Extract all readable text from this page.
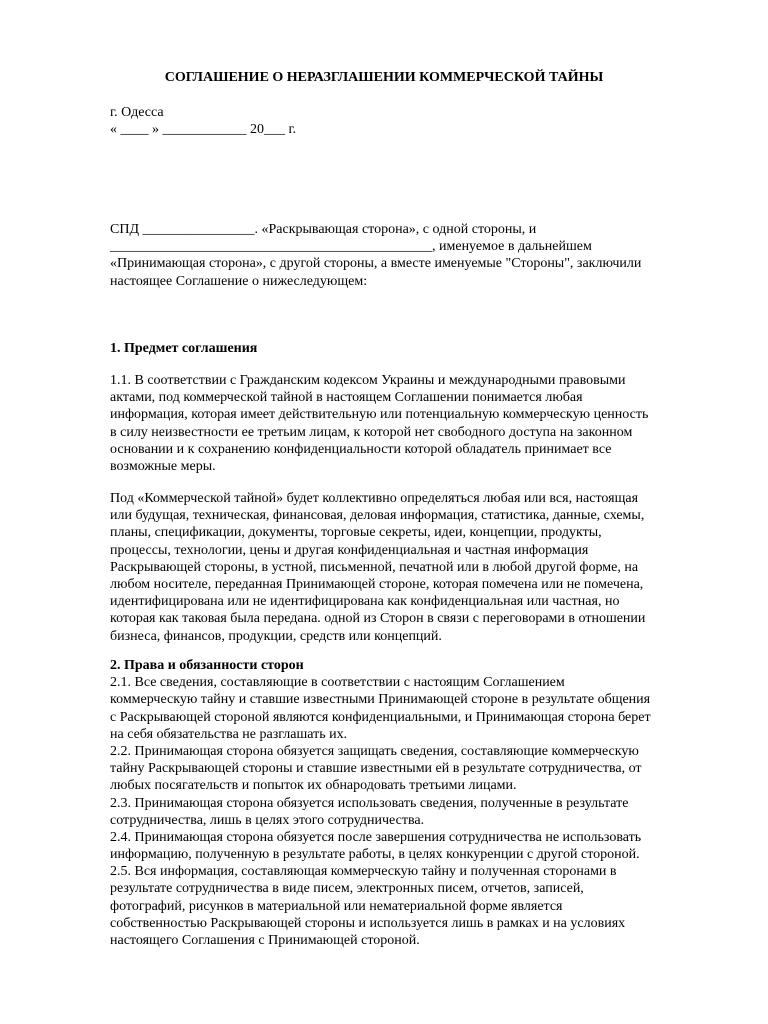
СОГЛАШЕНИЕ О НЕРАЗГЛАШЕНИИ КОММЕРЧЕСКОЙ ТАЙНЫ
г. Одесса
« ____ » ____________ 20___ г.
СПД ________________. «Раскрывающая сторона», с одной стороны, и
______________________________________________, именуемое в дальнейшем
«Принимающая сторона», с другой стороны, а вместе именуемые "Стороны", заключили
настоящее Соглашение о нижеследующем:
1. Предмет соглашения
1.1. В соответствии с Гражданским кодексом Украины и международными правовыми
актами, под коммерческой тайной в настоящем Соглашении понимается любая
информация, которая имеет действительную или потенциальную коммерческую ценность
в силу неизвестности ее третьим лицам, к которой нет свободного доступа на законном
основании и к сохранению конфиденциальности которой обладатель принимает все
возможные меры.
Под «Коммерческой тайной» будет коллективно определяться любая или вся, настоящая
или будущая, техническая, финансовая, деловая информация, статистика, данные, схемы,
планы, спецификации, документы, торговые секреты, идеи, концепции, продукты,
процессы, технологии, цены и другая конфиденциальная и частная информация
Раскрывающей стороны, в устной, письменной, печатной или в любой другой форме, на
любом носителе, переданная Принимающей стороне, которая помечена или не помечена,
идентифицирована или не идентифицирована как конфиденциальная или частная, но
которая как таковая была передана. одной из Сторон в связи с переговорами в отношении
бизнеса, финансов, продукции, средств или концепций.
2. Права и обязанности сторон
2.1. Все сведения, составляющие в соответствии с настоящим Соглашением
коммерческую тайну и ставшие известными Принимающей стороне в результате общения
с Раскрывающей стороной являются конфиденциальными, и Принимающая сторона берет
на себя обязательства не разглашать их.
2.2. Принимающая сторона обязуется защищать сведения, составляющие коммерческую
тайну Раскрывающей стороны и ставшие известными ей в результате сотрудничества, от
любых посягательств и попыток их обнародовать третьими лицами.
2.3. Принимающая сторона обязуется использовать сведения, полученные в результате
сотрудничества, лишь в целях этого сотрудничества.
2.4. Принимающая сторона обязуется после завершения сотрудничества не использовать
информацию, полученную в результате работы, в целях конкуренции с другой стороной.
2.5. Вся информация, составляющая коммерческую тайну и полученная сторонами в
результате сотрудничества в виде писем, электронных писем, отчетов, записей,
фотографий, рисунков в материальной или нематериальной форме является
собственностью Раскрывающей стороны и используется лишь в рамках и на условиях
настоящего Соглашения с Принимающей стороной.
